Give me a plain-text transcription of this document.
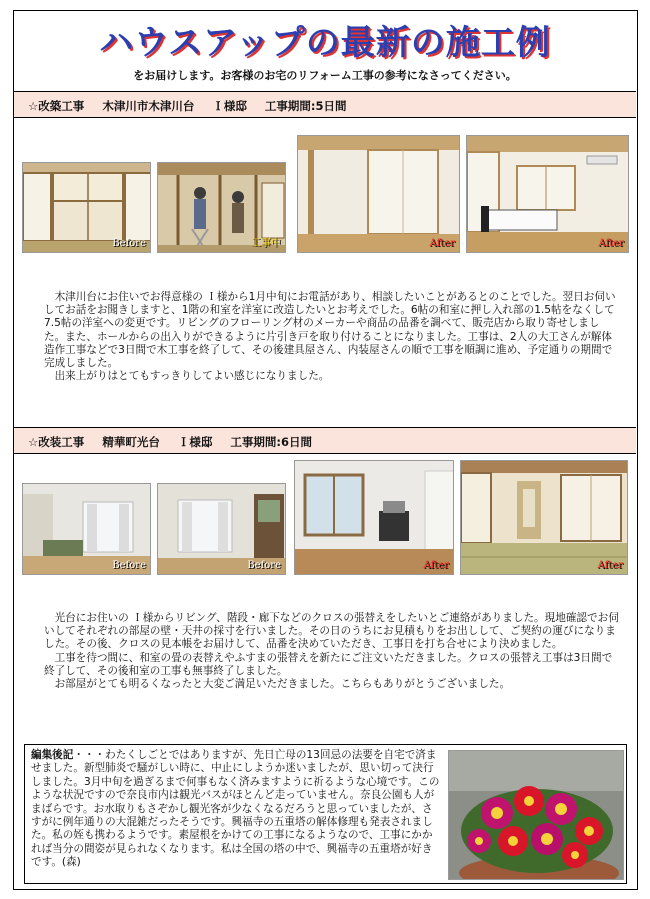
ハウスアップの最新の施工例
をお届けします。お客様のお宅のリフォーム工事の参考になさってください。
☆改築工事 木津川市木津川台 Ｉ様邸 工事期間:5日間
Before	工事中	After	After

木津川台にお住いでお得意様の Ｉ様から1月中旬にお電話があり、相談したいことがあるとのことでした。翌日お伺いしてお話をお聞きしますと、1階の和室を洋室に改造したいとお考えでした。6帖の和室に押し入れ部の1.5帖をなくして7.5帖の洋室への変更です。リビングのフローリング材のメーカーや商品の品番を調べて、販売店から取り寄せしました。また、ホールからの出入りができるように片引き戸を取り付けることになりました。工事は、2人の大工さんが解体造作工事などで3日間で木工事を終了して、その後建具屋さん、内装屋さんの順で工事を順調に進め、予定通りの期間で完成しました。

出来上がりはとてもすっきりしてよい感じになりました。

☆改装工事 精華町光台 Ｉ様邸 工事期間:6日間
Before	Before	After	After

光台にお住いの Ｉ様からリビング、階段・廊下などのクロスの張替えをしたいとご連絡がありました。現地確認でお伺いしてそれぞれの部屋の壁・天井の採寸を行いました。その日のうちにお見積もりをお出しして、ご契約の運びになりました。その後、クロスの見本帳をお届けして、品番を決めていただき、工事日を打ち合せにより決めました。

工事を待つ間に、和室の畳の表替えやふすまの張替えを新たにご注文いただきました。クロスの張替え工事は3日間で終了して、その後和室の工事も無事終了しました。

お部屋がとても明るくなったと大変ご満足いただきました。こちらもありがとうございました。

編集後記・・・わたくしごとではありますが、先日亡母の13回忌の法要を自宅で済ませました。新型肺炎で騒がしい時に、中止にしようか迷いましたが、思い切って決行しました。3月中旬を過ぎるまで何事もなく済みますように祈るような心境です。このような状況ですので奈良市内は観光バスがほとんど走っていません。奈良公園も人がまばらです。お水取りもさぞかし観光客が少なくなるだろうと思っていましたが、さすがに例年通りの大混雑だったそうです。興福寺の五重塔の解体修理も発表されました。私の姪も携わるようです。素屋根をかけての工事になるようなので、工事にかかれば当分の間姿が見られなくなります。私は全国の塔の中で、興福寺の五重塔が好きです。(森)
